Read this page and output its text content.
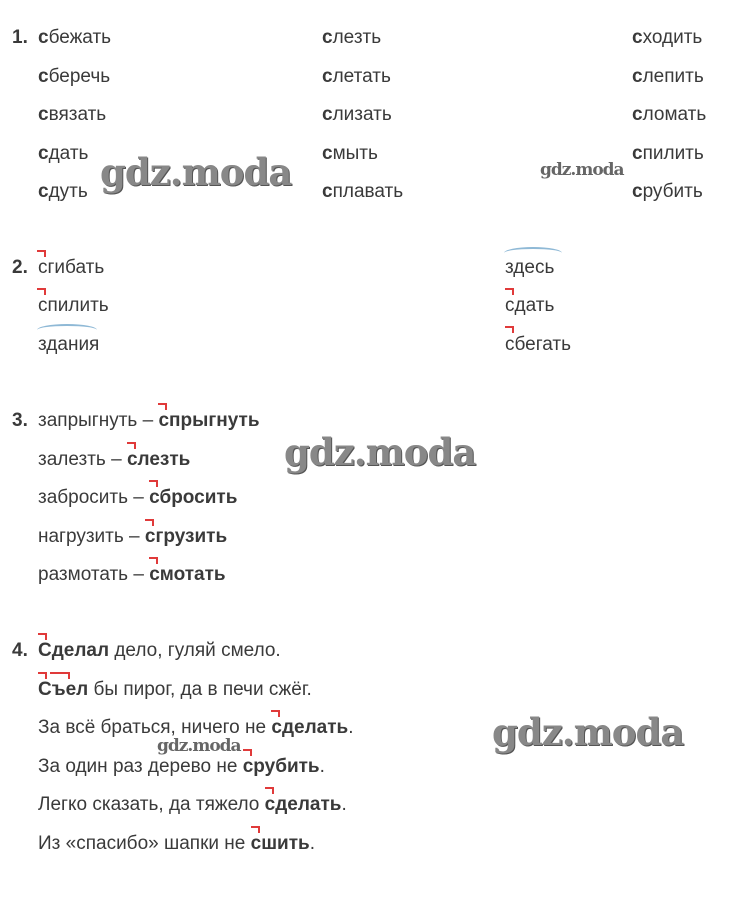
1. сбежать
сберечь
связать
сдать
сдуть
слезть
слетать
слизать
смыть
сплавать
сходить
слепить
сломать
спилить
срубить
2. сгибать
спилить
здания
здесь
сдать
сбегать
3. запрыгнуть – спрыгнуть
залезть – слезть
забросить – сбросить
нагрузить – сгрузить
размотать – смотать
4. Сделал дело, гуляй смело.
Съел бы пирог, да в печи сжёг.
За всё браться, ничего не сделать.
За один раз дерево не срубить.
Легко сказать, да тяжело сделать.
Из «спасибо» шапки не сшить.
gdz.moda	gdz.moda
gdz.moda
gdz.moda
gdz.moda
